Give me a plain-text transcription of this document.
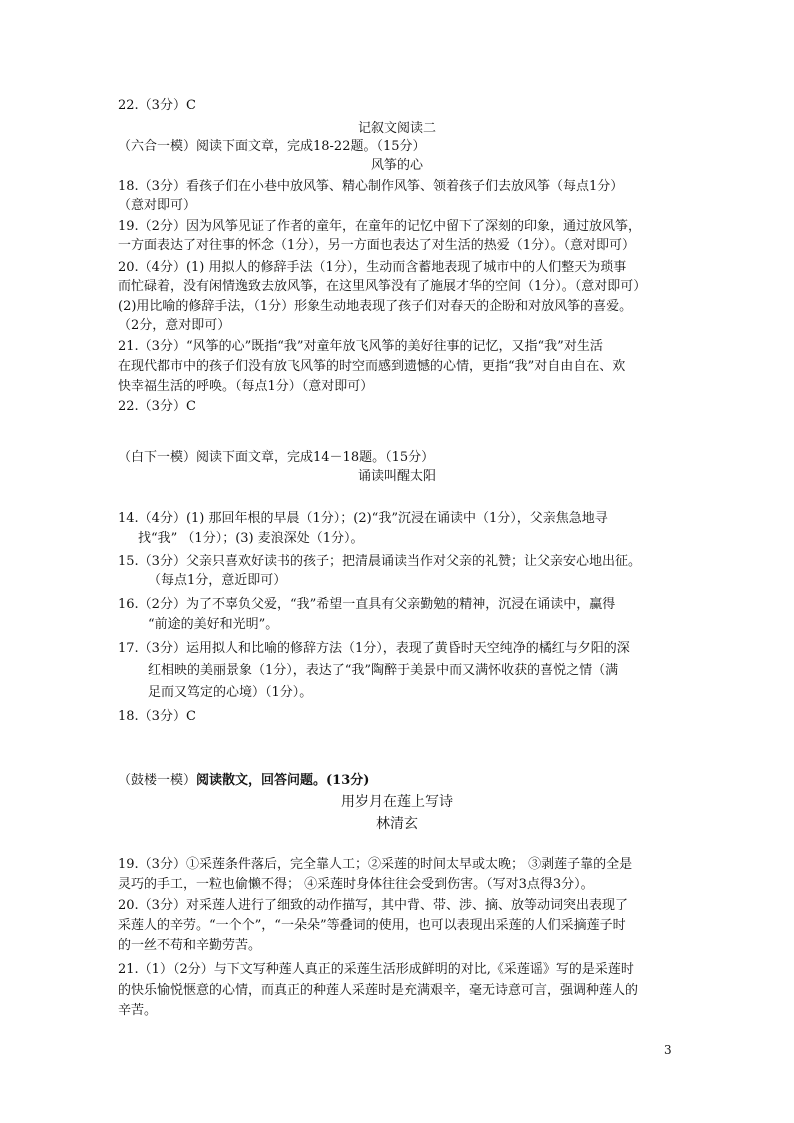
22.（3分）C
记叙文阅读二
（六合一模）阅读下面文章，完成18-22题。（15分）
风筝的心
18.（3分）看孩子们在小巷中放风筝、精心制作风筝、领着孩子们去放风筝（每点1分）
（意对即可）
19.（2分）因为风筝见证了作者的童年，在童年的记忆中留下了深刻的印象，通过放风筝，
一方面表达了对往事的怀念（1分），另一方面也表达了对生活的热爱（1分）。（意对即可）
20.（4分）(1) 用拟人的修辞手法（1分），生动而含蓄地表现了城市中的人们整天为琐事
而忙碌着，没有闲情逸致去放风筝，在这里风筝没有了施展才华的空间（1分）。（意对即可）
(2)用比喻的修辞手法，（1分）形象生动地表现了孩子们对春天的企盼和对放风筝的喜爱。
（2分，意对即可）
21.（3分）“风筝的心”既指“我”对童年放飞风筝的美好往事的记忆，又指“我”对生活
在现代都市中的孩子们没有放飞风筝的时空而感到遗憾的心情，更指“我”对自由自在、欢
快幸福生活的呼唤。（每点1分）（意对即可）
22.（3分）C
（白下一模）阅读下面文章，完成14－18题。（15分）
诵读叫醒太阳
14.（4分）(1) 那回年根的早晨（1分）；(2)“我”沉浸在诵读中（1分），父亲焦急地寻
找“我” （1分）；(3) 麦浪深处（1分）。
15.（3分）父亲只喜欢好读书的孩子；把清晨诵读当作对父亲的礼赞；让父亲安心地出征。
（每点1分，意近即可）
16.（2分）为了不辜负父爱，“我”希望一直具有父亲勤勉的精神，沉浸在诵读中，赢得
“前途的美好和光明”。
17.（3分）运用拟人和比喻的修辞方法（1分），表现了黄昏时天空纯净的橘红与夕阳的深
红相映的美丽景象（1分），表达了“我”陶醉于美景中而又满怀收获的喜悦之情（满
足而又笃定的心境）（1分）。
18.（3分）C
（鼓楼一模）阅读散文，回答问题。(13分)
用岁月在莲上写诗
林清玄
19.（3分）①采莲条件落后，完全靠人工；②采莲的时间太早或太晚； ③剥莲子靠的全是
灵巧的手工，一粒也偷懒不得； ④采莲时身体往往会受到伤害。（写对3点得3分）。
20.（3分）对采莲人进行了细致的动作描写，其中背、带、涉、摘、放等动词突出表现了
采莲人的辛劳。“一个个”，“一朵朵”等叠词的使用，也可以表现出采莲的人们采摘莲子时
的一丝不苟和辛勤劳苦。
21.（1）（2分）与下文写种莲人真正的采莲生活形成鲜明的对比,《采莲谣》写的是采莲时
的快乐愉悦惬意的心情，而真正的种莲人采莲时是充满艰辛，毫无诗意可言，强调种莲人的
辛苦。
3
